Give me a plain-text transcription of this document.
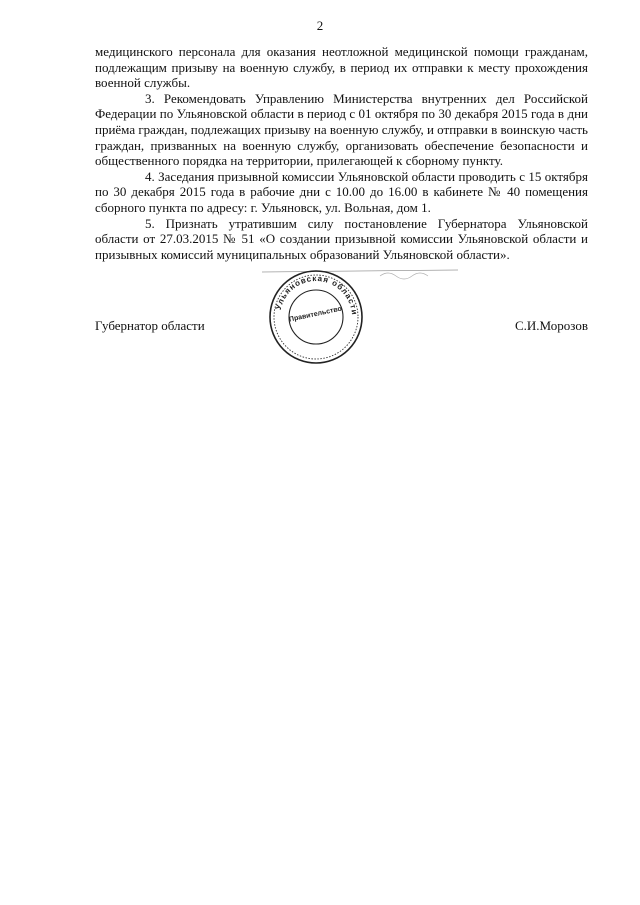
2

медицинского персонала для оказания неотложной медицинской помощи гражданам, подлежащим призыву на военную службу, в период их отправки к месту прохождения военной службы.

3. Рекомендовать Управлению Министерства внутренних дел Российской Федерации по Ульяновской области в период с 01 октября по 30 декабря 2015 года в дни приёма граждан, подлежащих призыву на военную службу, и отправки в воинскую часть граждан, призванных на военную службу, организовать обеспечение безопасности и общественного порядка на территории, прилегающей к сборному пункту.

4. Заседания призывной комиссии Ульяновской области проводить с 15 октября по 30 декабря 2015 года в рабочие дни с 10.00 до 16.00 в кабинете № 40 помещения сборного пункта по адресу: г. Ульяновск, ул. Вольная, дом 1.

5. Признать утратившим силу постановление Губернатора Ульяновской области от 27.03.2015 № 51 «О создании призывной комиссии Ульяновской области и призывных комиссий муниципальных образований Ульяновской области».

Ульяновская области
Правительство
Губернатор области	С.И.Морозов
